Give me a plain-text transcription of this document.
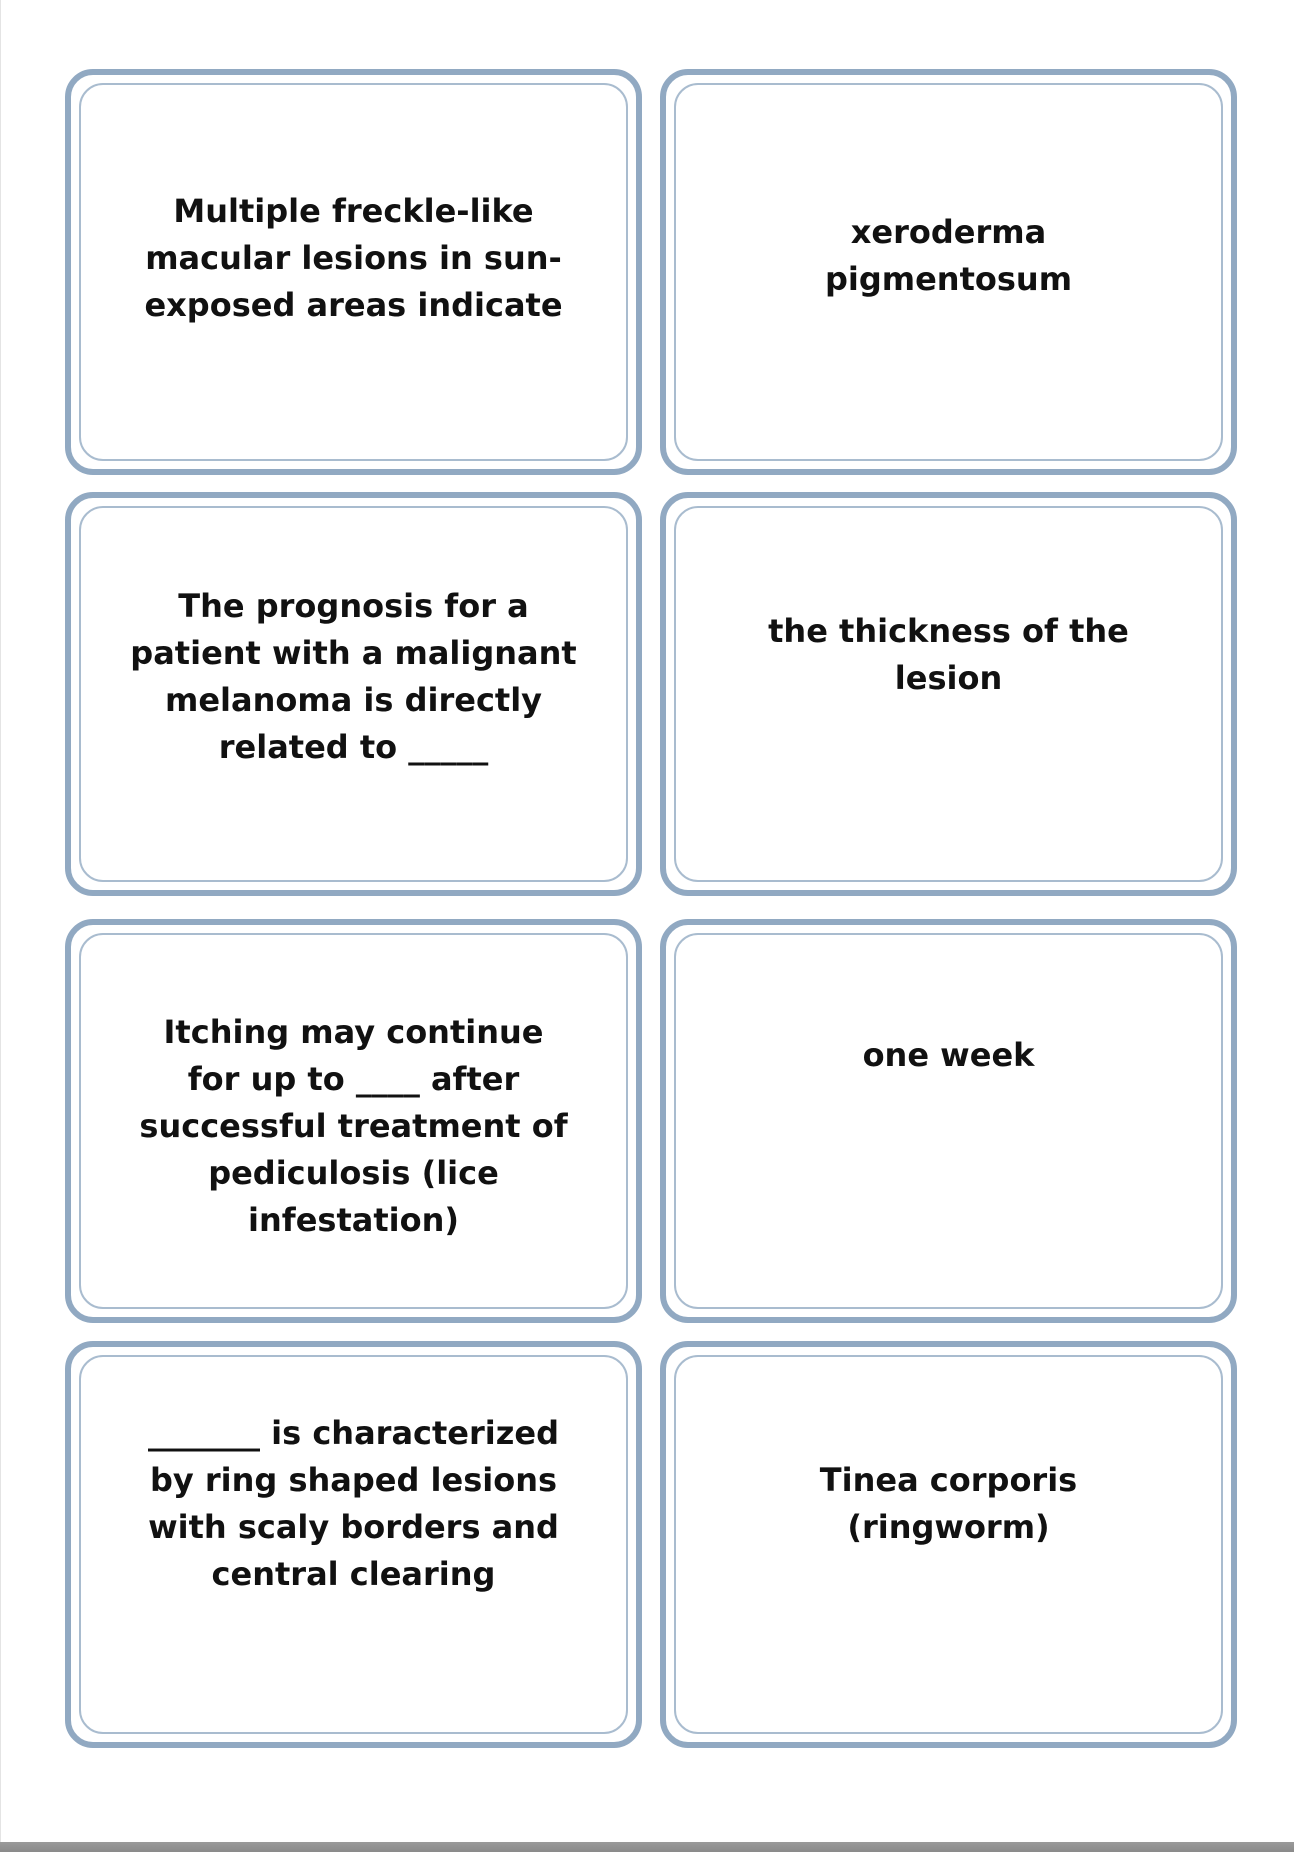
Multiple freckle-like
macular lesions in sun-
exposed areas indicate
xeroderma
pigmentosum
The prognosis for a
patient with a malignant
melanoma is directly
related to _____
the thickness of the
lesion
Itching may continue
for up to ____ after
successful treatment of
pediculosis (lice
infestation)
one week
_______ is characterized
by ring shaped lesions
with scaly borders and
central clearing
Tinea corporis
(ringworm)
